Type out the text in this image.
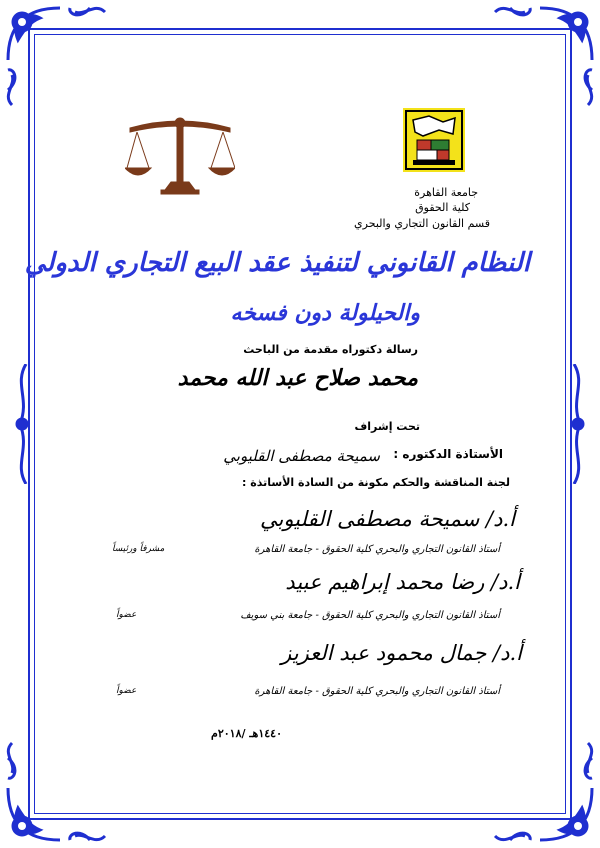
جامعة القاهرة
كلية الحقوق
قسم القانون التجاري والبحري
النظام القانوني لتنفيذ عقد البيع التجاري الدولي
والحيلولة دون فسخه
رسالة دكتوراه مقدمة من الباحث
محمد صلاح عبد الله محمد
تحت إشراف
الأستاذة الدكتوره :
سميحة مصطفى القليوبي
لجنة المناقشة والحكم مكونة من السادة الأساتذة :
أ.د/ سميحة مصطفى القليوبي
أستاذ القانون التجاري والبحري كلية الحقوق - جامعة القاهرة
مشرفاً ورئيساً
أ.د/ رضا محمد إبراهيم عبيد
أستاذ القانون التجاري والبحري كلية الحقوق - جامعة بني سويف
عضواً
أ.د/ جمال محمود عبد العزيز
أستاذ القانون التجاري والبحري كلية الحقوق - جامعة القاهرة
عضواً
١٤٤٠هـ /٢٠١٨م
